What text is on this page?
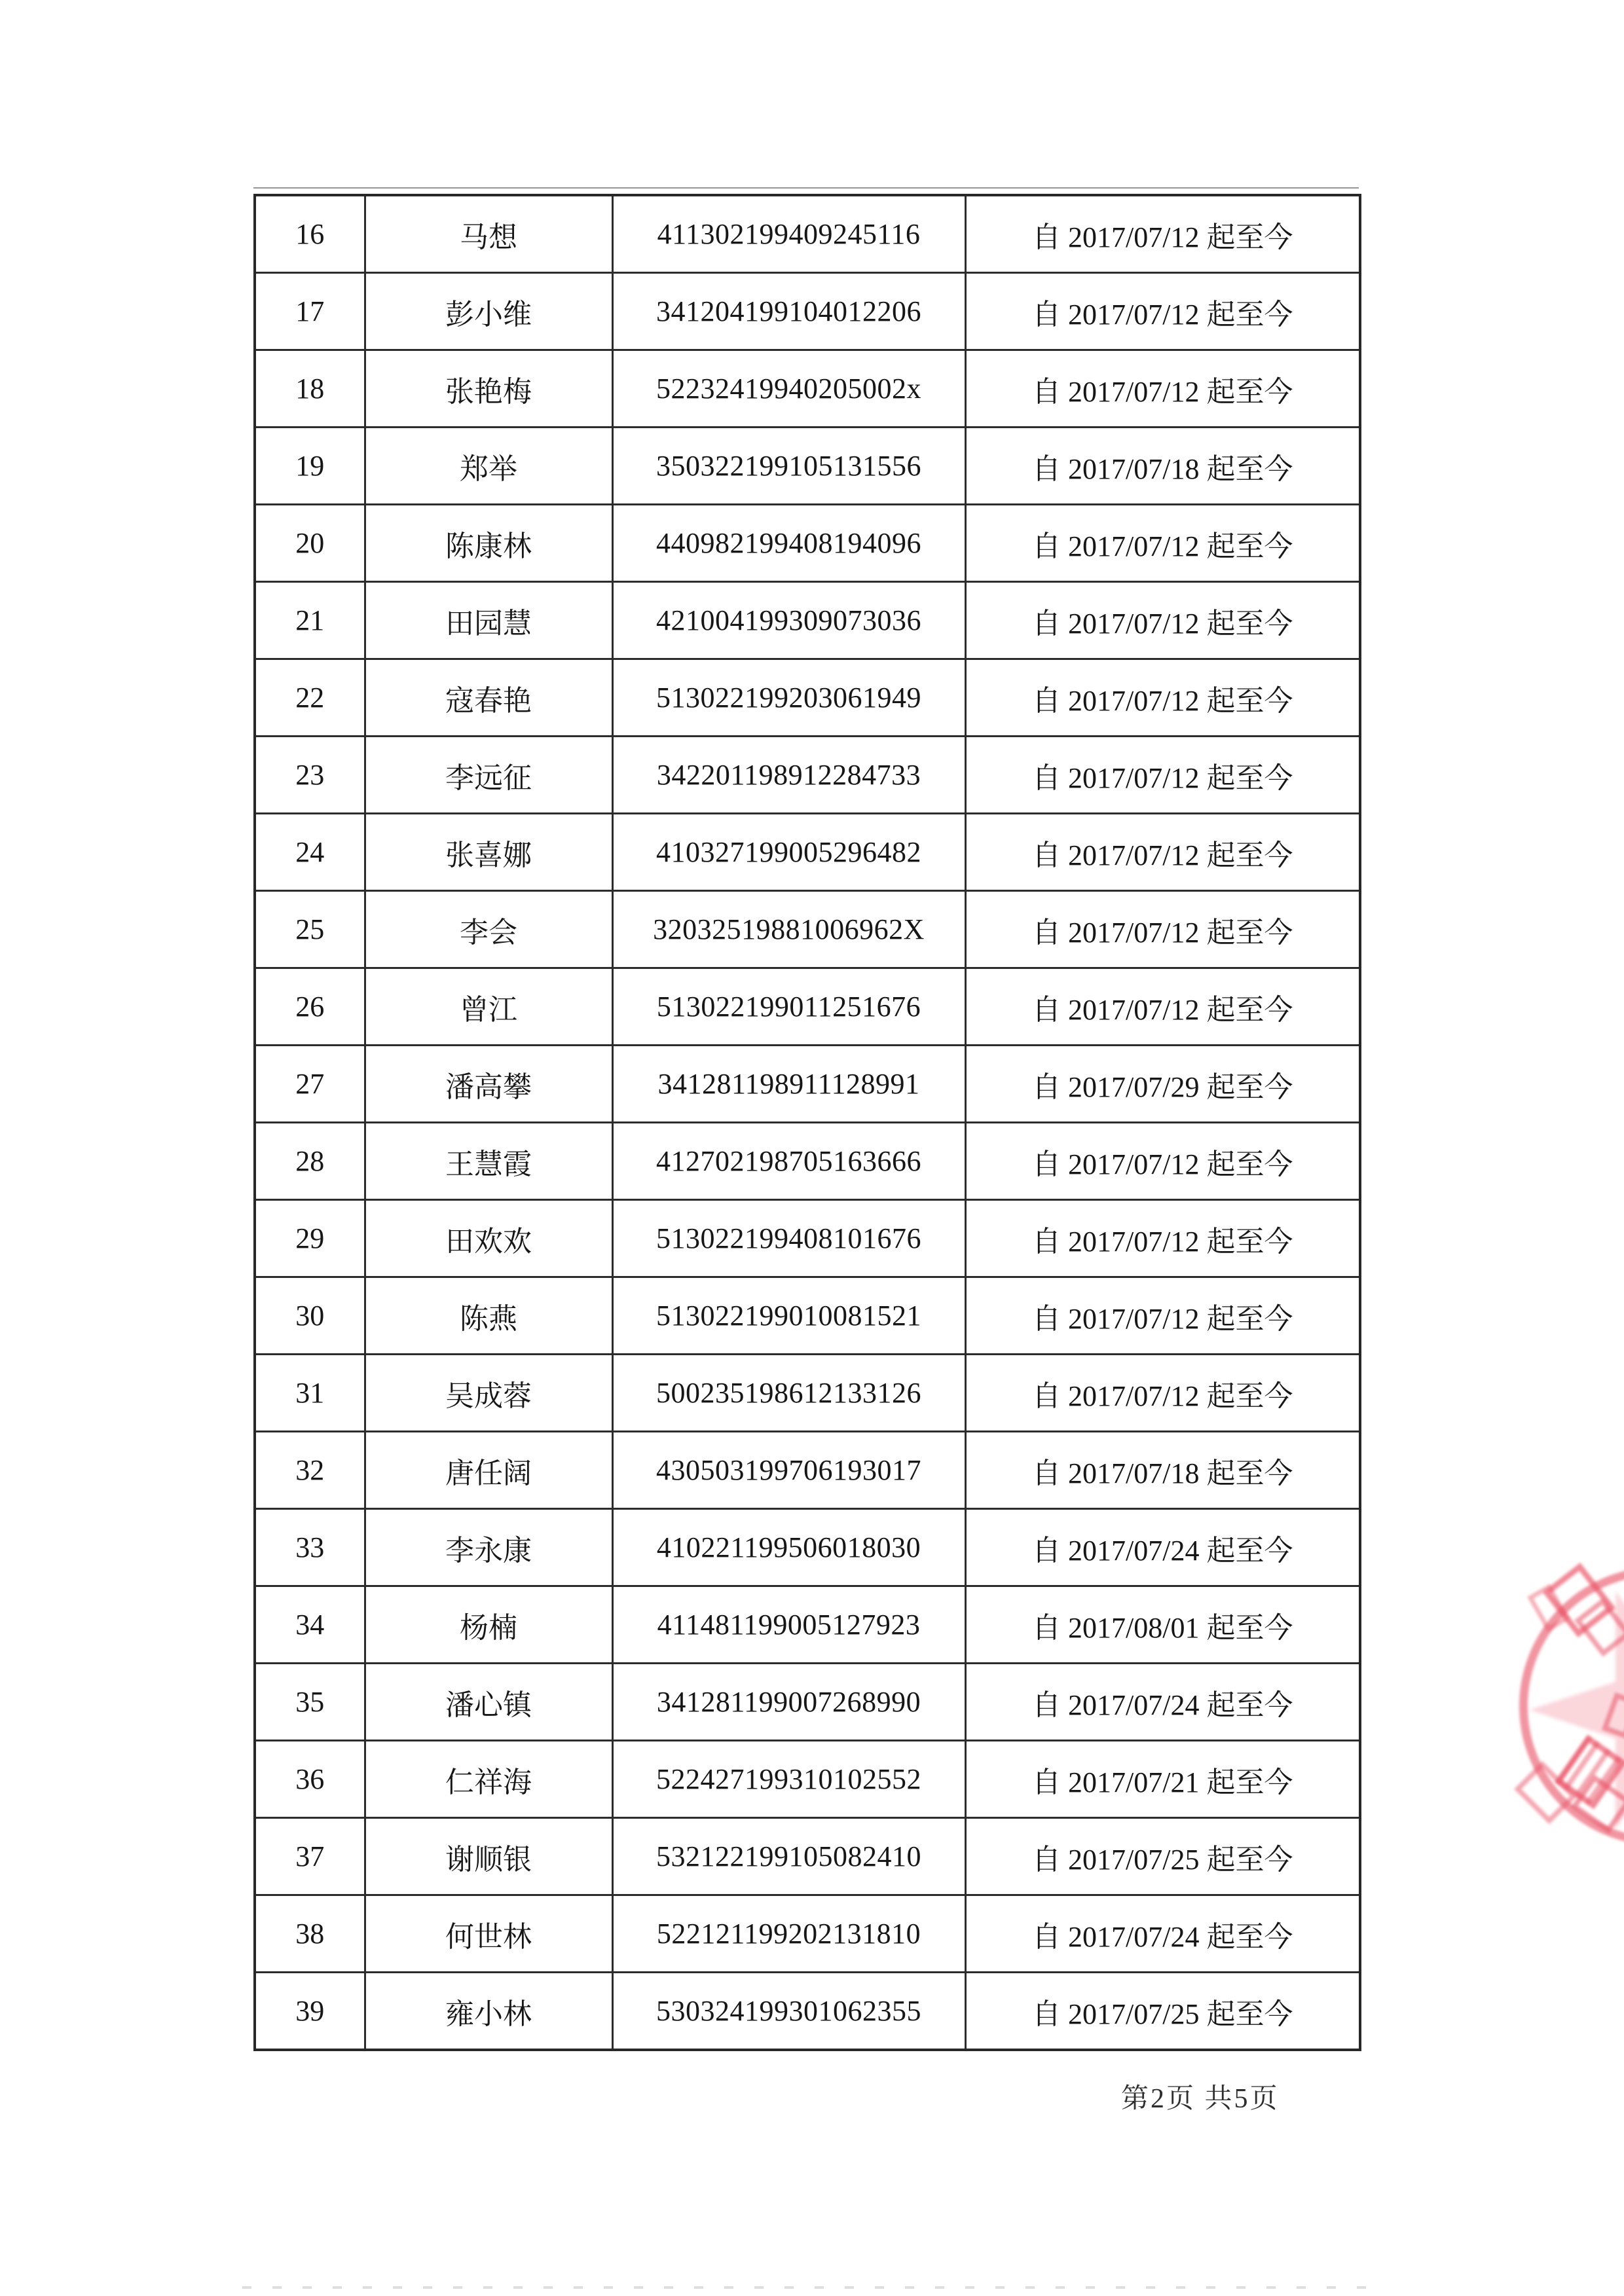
16	马想	411302199409245116	自 2017/07/12 起至今
17	彭小维	341204199104012206	自 2017/07/12 起至今
18	张艳梅	52232419940205002x	自 2017/07/12 起至今
19	郑举	350322199105131556	自 2017/07/18 起至今
20	陈康林	440982199408194096	自 2017/07/12 起至今
21	田园慧	421004199309073036	自 2017/07/12 起至今
22	寇春艳	513022199203061949	自 2017/07/12 起至今
23	李远征	342201198912284733	自 2017/07/12 起至今
24	张喜娜	410327199005296482	自 2017/07/12 起至今
25	李会	32032519881006962X	自 2017/07/12 起至今
26	曾江	513022199011251676	自 2017/07/12 起至今
27	潘高攀	341281198911128991	自 2017/07/29 起至今
28	王慧霞	412702198705163666	自 2017/07/12 起至今
29	田欢欢	513022199408101676	自 2017/07/12 起至今
30	陈燕	513022199010081521	自 2017/07/12 起至今
31	吴成蓉	500235198612133126	自 2017/07/12 起至今
32	唐任阔	430503199706193017	自 2017/07/18 起至今
33	李永康	410221199506018030	自 2017/07/24 起至今
34	杨楠	411481199005127923	自 2017/08/01 起至今
35	潘心镇	341281199007268990	自 2017/07/24 起至今
36	仁祥海	522427199310102552	自 2017/07/21 起至今
37	谢顺银	532122199105082410	自 2017/07/25 起至今
38	何世林	522121199202131810	自 2017/07/24 起至今
39	雍小林	530324199301062355	自 2017/07/25 起至今
第2页 共5页
